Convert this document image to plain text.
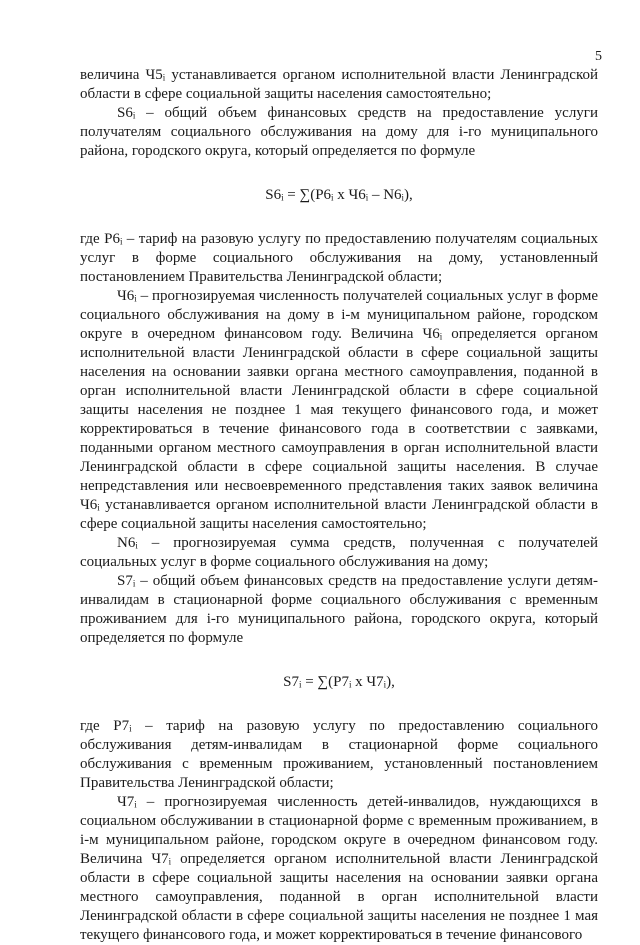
5

величина Ч5ᵢ устанавливается органом исполнительной власти Ленинградской области в сфере социальной защиты населения самостоятельно;

S6ᵢ – общий объем финансовых средств на предоставление услуги получателям социального обслуживания на дому для i-го муниципального района, городского округа, который определяется по формуле

S6ᵢ = ∑(P6ᵢ x Ч6ᵢ – N6ᵢ),

где P6ᵢ – тариф на разовую услугу по предоставлению получателям социальных услуг в форме социального обслуживания на дому, установленный постановлением Правительства Ленинградской области;

Ч6ᵢ – прогнозируемая численность получателей социальных услуг в форме социального обслуживания на дому в i-м муниципальном районе, городском округе в очередном финансовом году. Величина Ч6ᵢ определяется органом исполнительной власти Ленинградской области в сфере социальной защиты населения на основании заявки органа местного самоуправления, поданной в орган исполнительной власти Ленинградской области в сфере социальной защиты населения не позднее 1 мая текущего финансового года, и может корректироваться в течение финансового года в соответствии с заявками, поданными органом местного самоуправления в орган исполнительной власти Ленинградской области в сфере социальной защиты населения. В случае непредставления или несвоевременного представления таких заявок величина Ч6ᵢ устанавливается органом исполнительной власти Ленинградской области в сфере социальной защиты населения самостоятельно;

N6ᵢ – прогнозируемая сумма средств, полученная с получателей социальных услуг в форме социального обслуживания на дому;

S7ᵢ – общий объем финансовых средств на предоставление услуги детям-инвалидам в стационарной форме социального обслуживания с временным проживанием для i-го муниципального района, городского округа, который определяется по формуле

S7ᵢ = ∑(P7ᵢ x Ч7ᵢ),

где P7ᵢ – тариф на разовую услугу по предоставлению социального обслуживания детям-инвалидам в стационарной форме социального обслуживания с временным проживанием, установленный постановлением Правительства Ленинградской области;

Ч7ᵢ – прогнозируемая численность детей-инвалидов, нуждающихся в социальном обслуживании в стационарной форме с временным проживанием, в i-м муниципальном районе, городском округе в очередном финансовом году. Величина Ч7ᵢ определяется органом исполнительной власти Ленинградской области в сфере социальной защиты населения на основании заявки органа местного самоуправления, поданной в орган исполнительной власти Ленинградской области в сфере социальной защиты населения не позднее 1 мая текущего финансового года, и может корректироваться в течение финансового
